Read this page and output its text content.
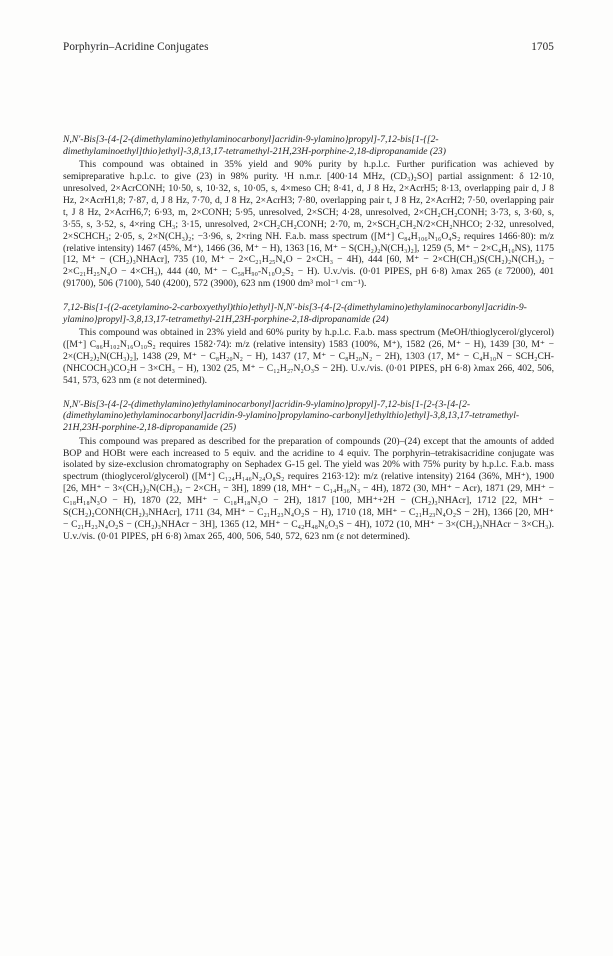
Porphyrin–Acridine Conjugates	1705

N,N′-Bis[3-{4-[2-(dimethylamino)ethylaminocarbonyl]acridin-9-ylamino}propyl]-7,12-bis[1-{[2-dimethylaminoethyl]thio}ethyl]-3,8,13,17-tetramethyl-21H,23H-porphine-2,18-dipropanamide (23)

This compound was obtained in 35% yield and 90% purity by h.p.l.c. Further purification was achieved by semipreparative h.p.l.c. to give (23) in 98% purity. ¹H n.m.r. [400·14 MHz, (CD₃)₂SO] partial assignment: δ 12·10, unresolved, 2×AcrCONH; 10·50, s, 10·32, s, 10·05, s, 4×meso CH; 8·41, d, J 8 Hz, 2×AcrH5; 8·13, overlapping pair d, J 8 Hz, 2×AcrH1,8; 7·87, d, J 8 Hz, 7·70, d, J 8 Hz, 2×AcrH3; 7·80, overlapping pair t, J 8 Hz, 2×AcrH2; 7·50, overlapping pair t, J 8 Hz, 2×AcrH6,7; 6·93, m, 2×CONH; 5·95, unresolved, 2×SCH; 4·28, unresolved, 2×CH₂CH₂CONH; 3·73, s, 3·60, s, 3·55, s, 3·52, s, 4×ring CH₃; 3·15, unresolved, 2×CH₂CH₂CONH; 2·70, m, 2×SCH₂CH₂N/2×CH₂NHCO; 2·32, unresolved, 2×SCHCH₃; 2·05, s, 2×N(CH₃)₂; −3·96, s, 2×ring NH. F.a.b. mass spectrum ([M⁺] C₈₄H₁₀₆N₁₆O₄S₂ requires 1466·80): m/z (relative intensity) 1467 (45%, M⁺), 1466 (36, M⁺ − H), 1363 [16, M⁺ − S(CH₂)₂N(CH₃)₂], 1259 (5, M⁺ − 2×C₄H₁₀NS), 1175 [12, M⁺ − (CH₂)₃NHAcr], 735 (10, M⁺ − 2×C₂₁H₂₅N₄O − 2×CH₃ − 4H), 444 [60, M⁺ − 2×CH(CH₃)S(CH₂)₂N(CH₃)₂ − 2×C₂₁H₂₅N₄O − 4×CH₃), 444 (40, M⁺ − C₅₈H₉₀-N₁₀O₂S₂ − H). U.v./vis. (0·01 PIPES, pH 6·8) λmax 265 (ε 72000), 401 (91700), 506 (7100), 540 (4200), 572 (3900), 623 nm (1900 dm³ mol⁻¹ cm⁻¹).

7,12-Bis[1-{(2-acetylamino-2-carboxyethyl)thio}ethyl]-N,N′-bis[3-{4-[2-(dimethylamino)ethylaminocarbonyl]acridin-9-ylamino}propyl]-3,8,13,17-tetramethyl-21H,23H-porphine-2,18-dipropanamide (24)

This compound was obtained in 23% yield and 60% purity by h.p.l.c. F.a.b. mass spectrum (MeOH/thioglycerol/glycerol) ([M⁺] C₈₆H₁₀₂N₁₆O₁₀S₂ requires 1582·74): m/z (relative intensity) 1583 (100%, M⁺), 1582 (26, M⁺ − H), 1439 [30, M⁺ − 2×(CH₂)₂N(CH₃)₂], 1438 (29, M⁺ − C₈H₂₀N₂ − H), 1437 (17, M⁺ − C₈H₂₀N₂ − 2H), 1303 (17, M⁺ − C₄H₁₀N − SCH₂CH-(NHCOCH₃)CO₂H − 3×CH₃ − H), 1302 (25, M⁺ − C₁₂H₂₇N₂O₃S − 2H). U.v./vis. (0·01 PIPES, pH 6·8) λmax 266, 402, 506, 541, 573, 623 nm (ε not determined).

N,N′-Bis[3-{4-[2-(dimethylamino)ethylaminocarbonyl]acridin-9-ylamino}propyl]-7,12-bis[1-[2-{3-[4-[2-(dimethylamino)ethylaminocarbonyl]acridin-9-ylamino]propylamino-carbonyl]ethylthio]ethyl]-3,8,13,17-tetramethyl-21H,23H-porphine-2,18-dipropanamide (25)

This compound was prepared as described for the preparation of compounds (20)–(24) except that the amounts of added BOP and HOBt were each increased to 5 equiv. and the acridine to 4 equiv. The porphyrin–tetrakisacridine conjugate was isolated by size-exclusion chromatography on Sephadex G-15 gel. The yield was 20% with 75% purity by h.p.l.c. F.a.b. mass spectrum (thioglycerol/glycerol) ([M⁺] C₁₂₄H₁₄₆N₂₄O₈S₂ requires 2163·12): m/z (relative intensity) 2164 (36%, MH⁺), 1900 [26, MH⁺ − 3×(CH₂)₂N(CH₃)₂ − 2×CH₃ − 3H], 1899 (18, MH⁺ − C₁₄H₃₆N₃ − 4H), 1872 (30, MH⁺ − Acr), 1871 (29, MH⁺ − C₁₈H₁₈N₃O − H), 1870 (22, MH⁺ − C₁₈H₁₈N₃O − 2H), 1817 [100, MH⁺+2H − (CH₂)₃NHAcr], 1712 [22, MH⁺ − S(CH₂)₂CONH(CH₂)₃NHAcr], 1711 (34, MH⁺ − C₂₁H₂₃N₄O₂S − H), 1710 (18, MH⁺ − C₂₁H₂₃N₄O₂S − 2H), 1366 [20, MH⁺ − C₂₁H₂₃N₄O₂S − (CH₂)₃NHAcr − 3H], 1365 (12, MH⁺ − C₄₂H₄₈N₆O₃S − 4H), 1072 (10, MH⁺ − 3×(CH₂)₃NHAcr − 3×CH₃). U.v./vis. (0·01 PIPES, pH 6·8) λmax 265, 400, 506, 540, 572, 623 nm (ε not determined).
